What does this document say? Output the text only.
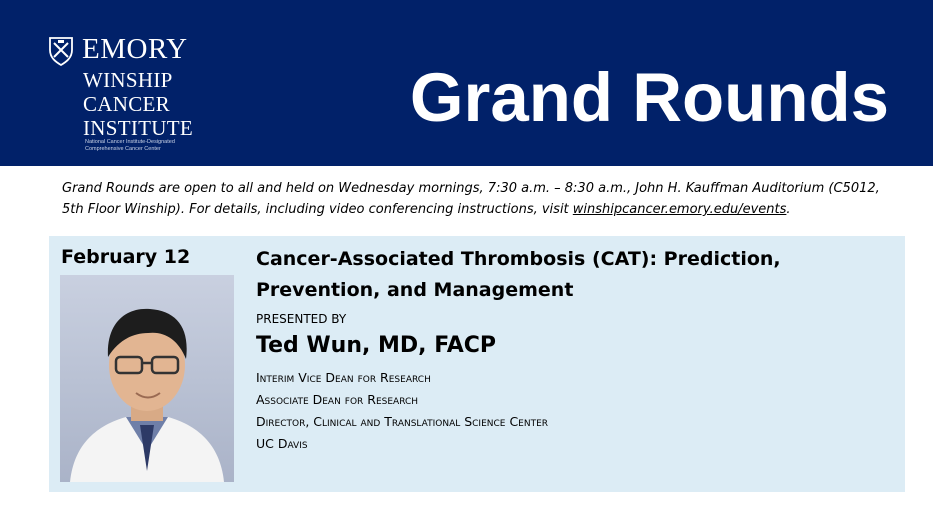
EMORY
WINSHIP
CANCER
INSTITUTE
National Cancer Institute-Designated
Comprehensive Cancer Center
Grand Rounds
Grand Rounds are open to all and held on Wednesday mornings, 7:30 a.m. – 8:30 a.m., John H. Kauffman Auditorium (C5012, 5th Floor Winship). For details, including video conferencing instructions, visit winshipcancer.emory.edu/events.
February 12	Cancer-Associated Thrombosis (CAT): Prediction, Prevention, and Management
PRESENTED BY
Ted Wun, MD, FACP
Interim Vice Dean for Research
Associate Dean for Research
Director, Clinical and Translational Science Center
UC Davis
